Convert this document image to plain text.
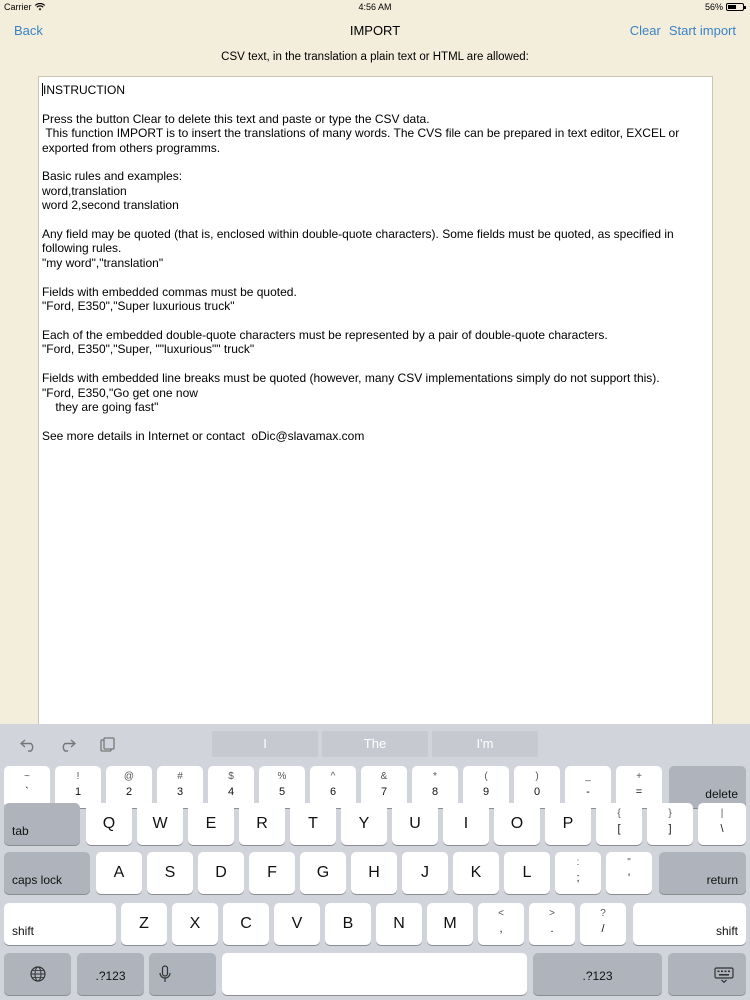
Carrier	4:56 AM	56%
Back	IMPORT	Clear Start import
CSV text, in the translation a plain text or HTML are allowed:
INSTRUCTION

Press the button Clear to delete this text and paste or type the CSV data.
This function IMPORT is to insert the translations of many words. The CVS file can be prepared in text editor, EXCEL or exported from others programms.

Basic rules and examples:
word,translation
word 2,second translation

Any field may be quoted (that is, enclosed within double-quote characters). Some fields must be quoted, as specified in following rules.
"my word","translation"

Fields with embedded commas must be quoted.
"Ford, E350","Super luxurious truck"

Each of the embedded double-quote characters must be represented by a pair of double-quote characters.
"Ford, E350","Super, ""luxurious"" truck"

Fields with embedded line breaks must be quoted (however, many CSV implementations simply do not support this).
"Ford, E350,"Go get one now
they are going fast"

See more details in Internet or contact  oDic@slavamax.com
I	The	I'm
~
`
!
1
@
2
#
3
$
4
%
5
^
6
&
7
*
8
(
9
)
0
_
-
+
=	delete
tab	Q	W	E	R	T	Y	U	I	O	P
{
[
}
]
|
\
caps lock	A	S	D	F	G	H	J	K	L
:
;
"
'	return
shift	Z	X	C	V	B	N	M
<
,
>
.
?
/	shift
.?123	.?123
